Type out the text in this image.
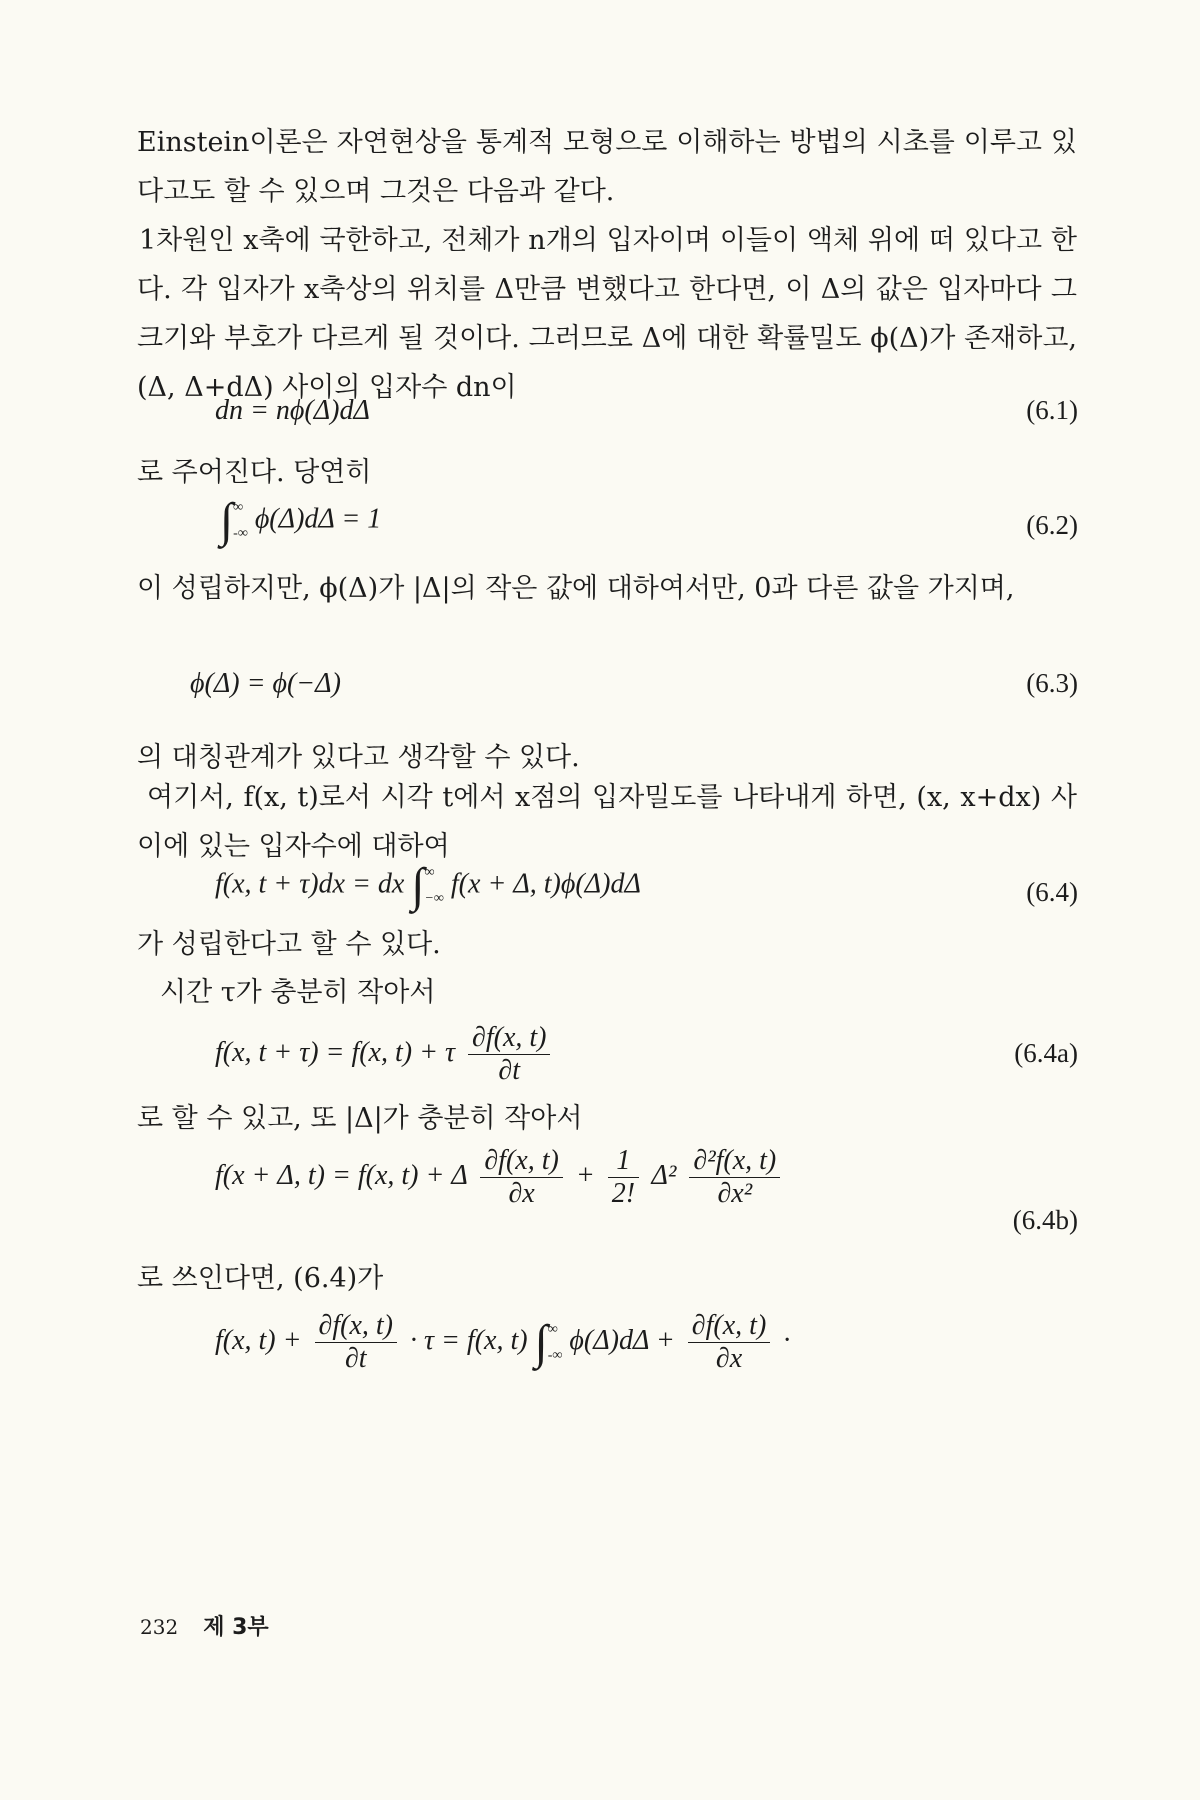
Einstein이론은 자연현상을 통계적 모형으로 이해하는 방법의 시초를 이루고 있다고도 할 수 있으며 그것은 다음과 같다.

1차원인 x축에 국한하고, 전체가 n개의 입자이며 이들이 액체 위에 떠 있다고 한다. 각 입자가 x축상의 위치를 Δ만큼 변했다고 한다면, 이 Δ의 값은 입자마다 그 크기와 부호가 다르게 될 것이다. 그러므로 Δ에 대한 확률밀도 ϕ(Δ)가 존재하고, (Δ, Δ+dΔ) 사이의 입자수 dn이

dn = nϕ(Δ)dΔ	(6.1)
로 주어진다. 당연히
∫ ∞
-∞ ϕ(Δ)dΔ = 1	(6.2)

이 성립하지만, ϕ(Δ)가 |Δ|의 작은 값에 대하여서만, 0과 다른 값을 가지며,

ϕ(Δ) = ϕ(−Δ)	(6.3)
의 대칭관계가 있다고 생각할 수 있다.

여기서, f(x, t)로서 시각 t에서 x점의 입자밀도를 나타내게 하면, (x, x+dx) 사이에 있는 입자수에 대하여

f(x, t + τ)dx = dx ∫ ∞
−∞ f(x + Δ, t)ϕ(Δ)dΔ	(6.4)
가 성립한다고 할 수 있다.
시간 τ가 충분히 작아서
f(x, t + τ) = f(x, t) + τ $\frac{\partial f(x, t)}{\partial t}$	(6.4a)
로 할 수 있고, 또 |Δ|가 충분히 작아서
f(x + Δ, t) = f(x, t) + Δ $\frac{\partial f(x, t)}{\partial x} + \frac{1}{2!} \Delta^2 \frac{\text{∂²f(x, t)}}{\text{∂x²}}$
(6.4b)
로 쓰인다면, (6.4)가
f(x, $t) + \frac{\partial f(x, t)}{\partial t} \cdot \tau = f(x$, t) ∫ ∞
-∞ $\phi(\Delta)d\Delta + \frac{\partial f(x, t)}{\partial x}$ ·
232 제 3부
